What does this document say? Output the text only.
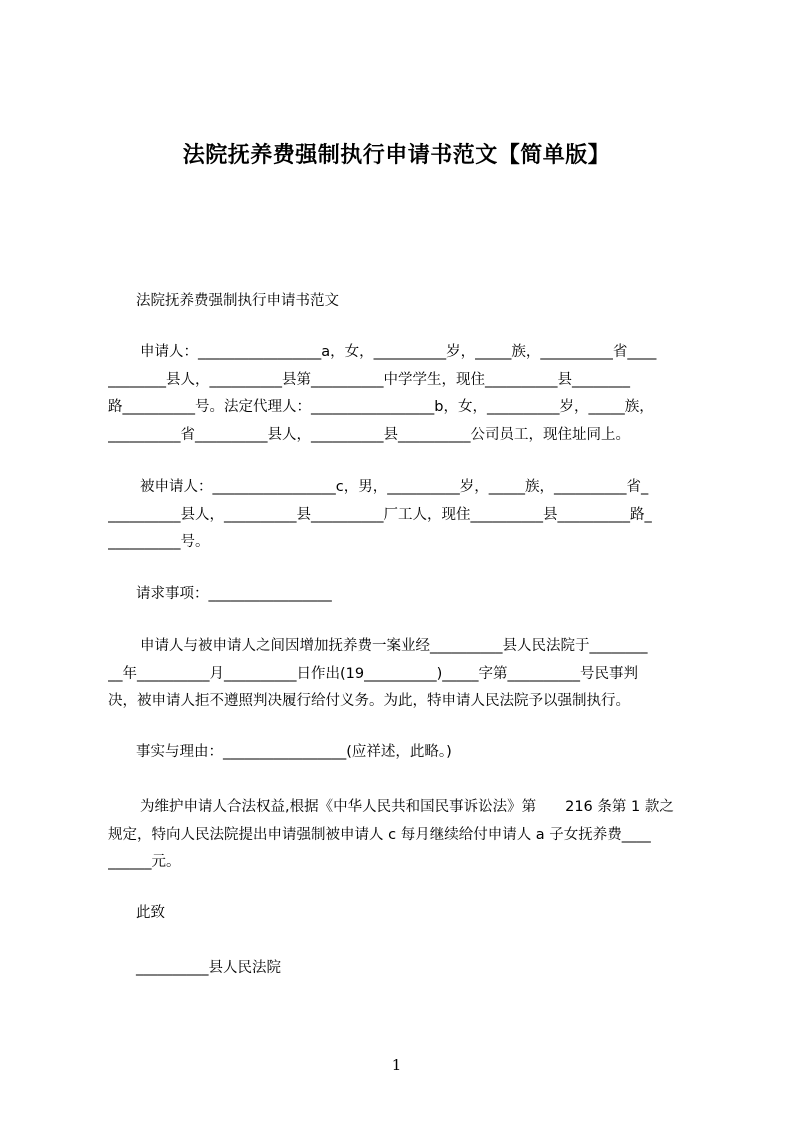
法院抚养费强制执行申请书范文【简单版】
法院抚养费强制执行申请书范文
申请人：_________________a，女，__________岁，_____族，__________省____
________县人，__________县第__________中学学生，现住__________县________
路__________号。法定代理人：_________________b，女，__________岁，_____族，
__________省__________县人，__________县__________公司员工，现住址同上。
被申请人：_________________c，男，__________岁，_____族，__________省_
__________县人，__________县__________厂工人，现住__________县__________路_
__________号。
请求事项：_________________
申请人与被申请人之间因增加抚养费一案业经__________县人民法院于________
__年__________月__________日作出(19__________)_____字第__________号民事判
决，被申请人拒不遵照判决履行给付义务。为此，特申请人民法院予以强制执行。
事实与理由：_________________(应祥述，此略。)
为维护申请人合法权益,根据《中华人民共和国民事诉讼法》第　　216 条第 1 款之
规定，特向人民法院提出申请强制被申请人 c 每月继续给付申请人 a 子女抚养费____
______元。
此致
__________县人民法院
1
